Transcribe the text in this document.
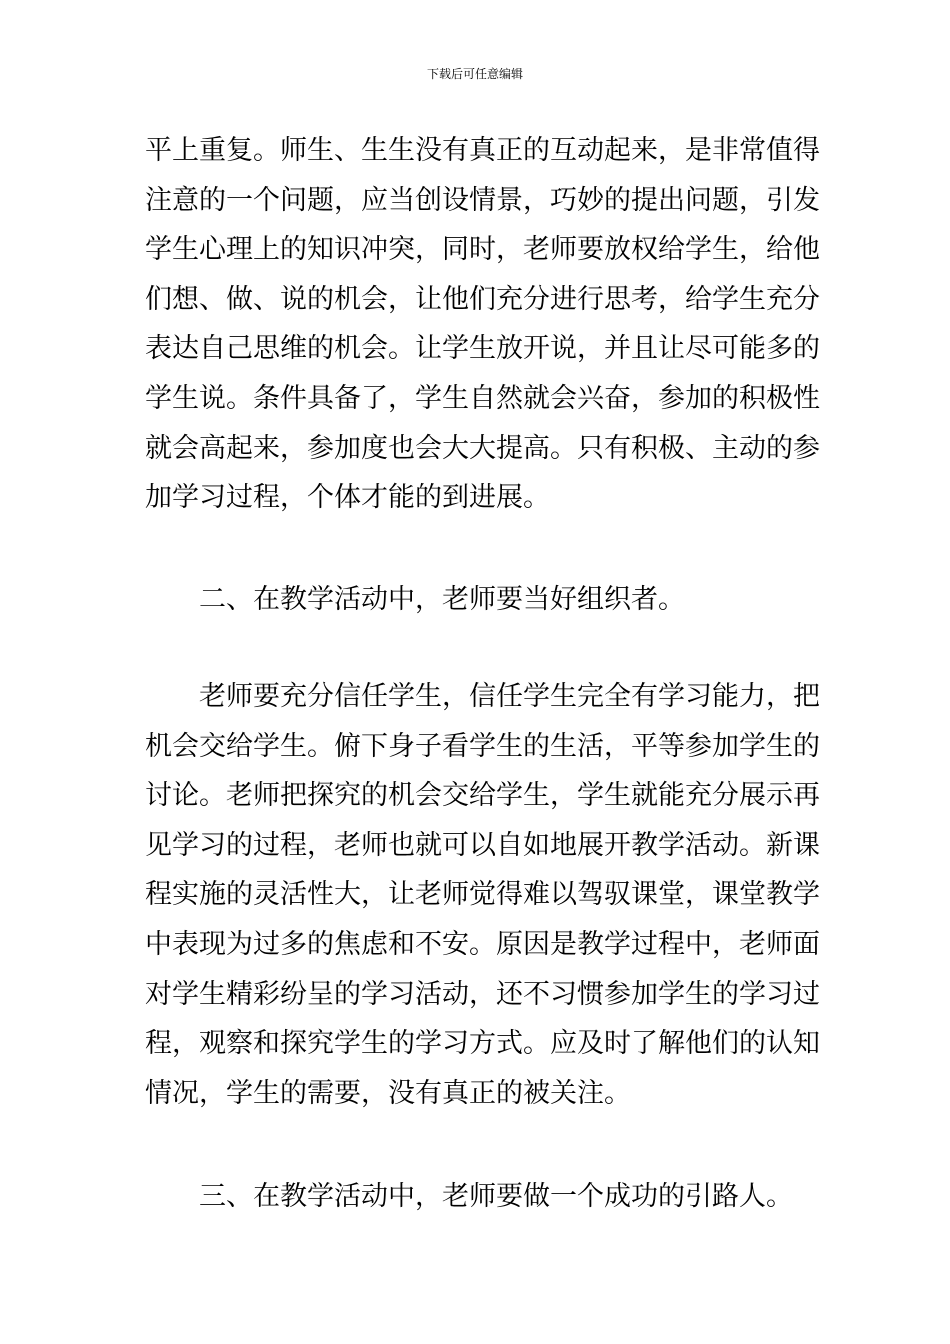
下载后可任意编辑
平上重复。师生、生生没有真正的互动起来，是非常值得
注意的一个问题，应当创设情景，巧妙的提出问题，引发
学生心理上的知识冲突，同时，老师要放权给学生，给他
们想、做、说的机会，让他们充分进行思考，给学生充分
表达自己思维的机会。让学生放开说，并且让尽可能多的
学生说。条件具备了，学生自然就会兴奋，参加的积极性
就会高起来，参加度也会大大提高。只有积极、主动的参
加学习过程，个体才能的到进展。
二、在教学活动中，老师要当好组织者。
老师要充分信任学生，信任学生完全有学习能力，把
机会交给学生。俯下身子看学生的生活，平等参加学生的
讨论。老师把探究的机会交给学生，学生就能充分展示再
见学习的过程，老师也就可以自如地展开教学活动。新课
程实施的灵活性大，让老师觉得难以驾驭课堂，课堂教学
中表现为过多的焦虑和不安。原因是教学过程中，老师面
对学生精彩纷呈的学习活动，还不习惯参加学生的学习过
程，观察和探究学生的学习方式。应及时了解他们的认知
情况，学生的需要，没有真正的被关注。
三、在教学活动中，老师要做一个成功的引路人。
